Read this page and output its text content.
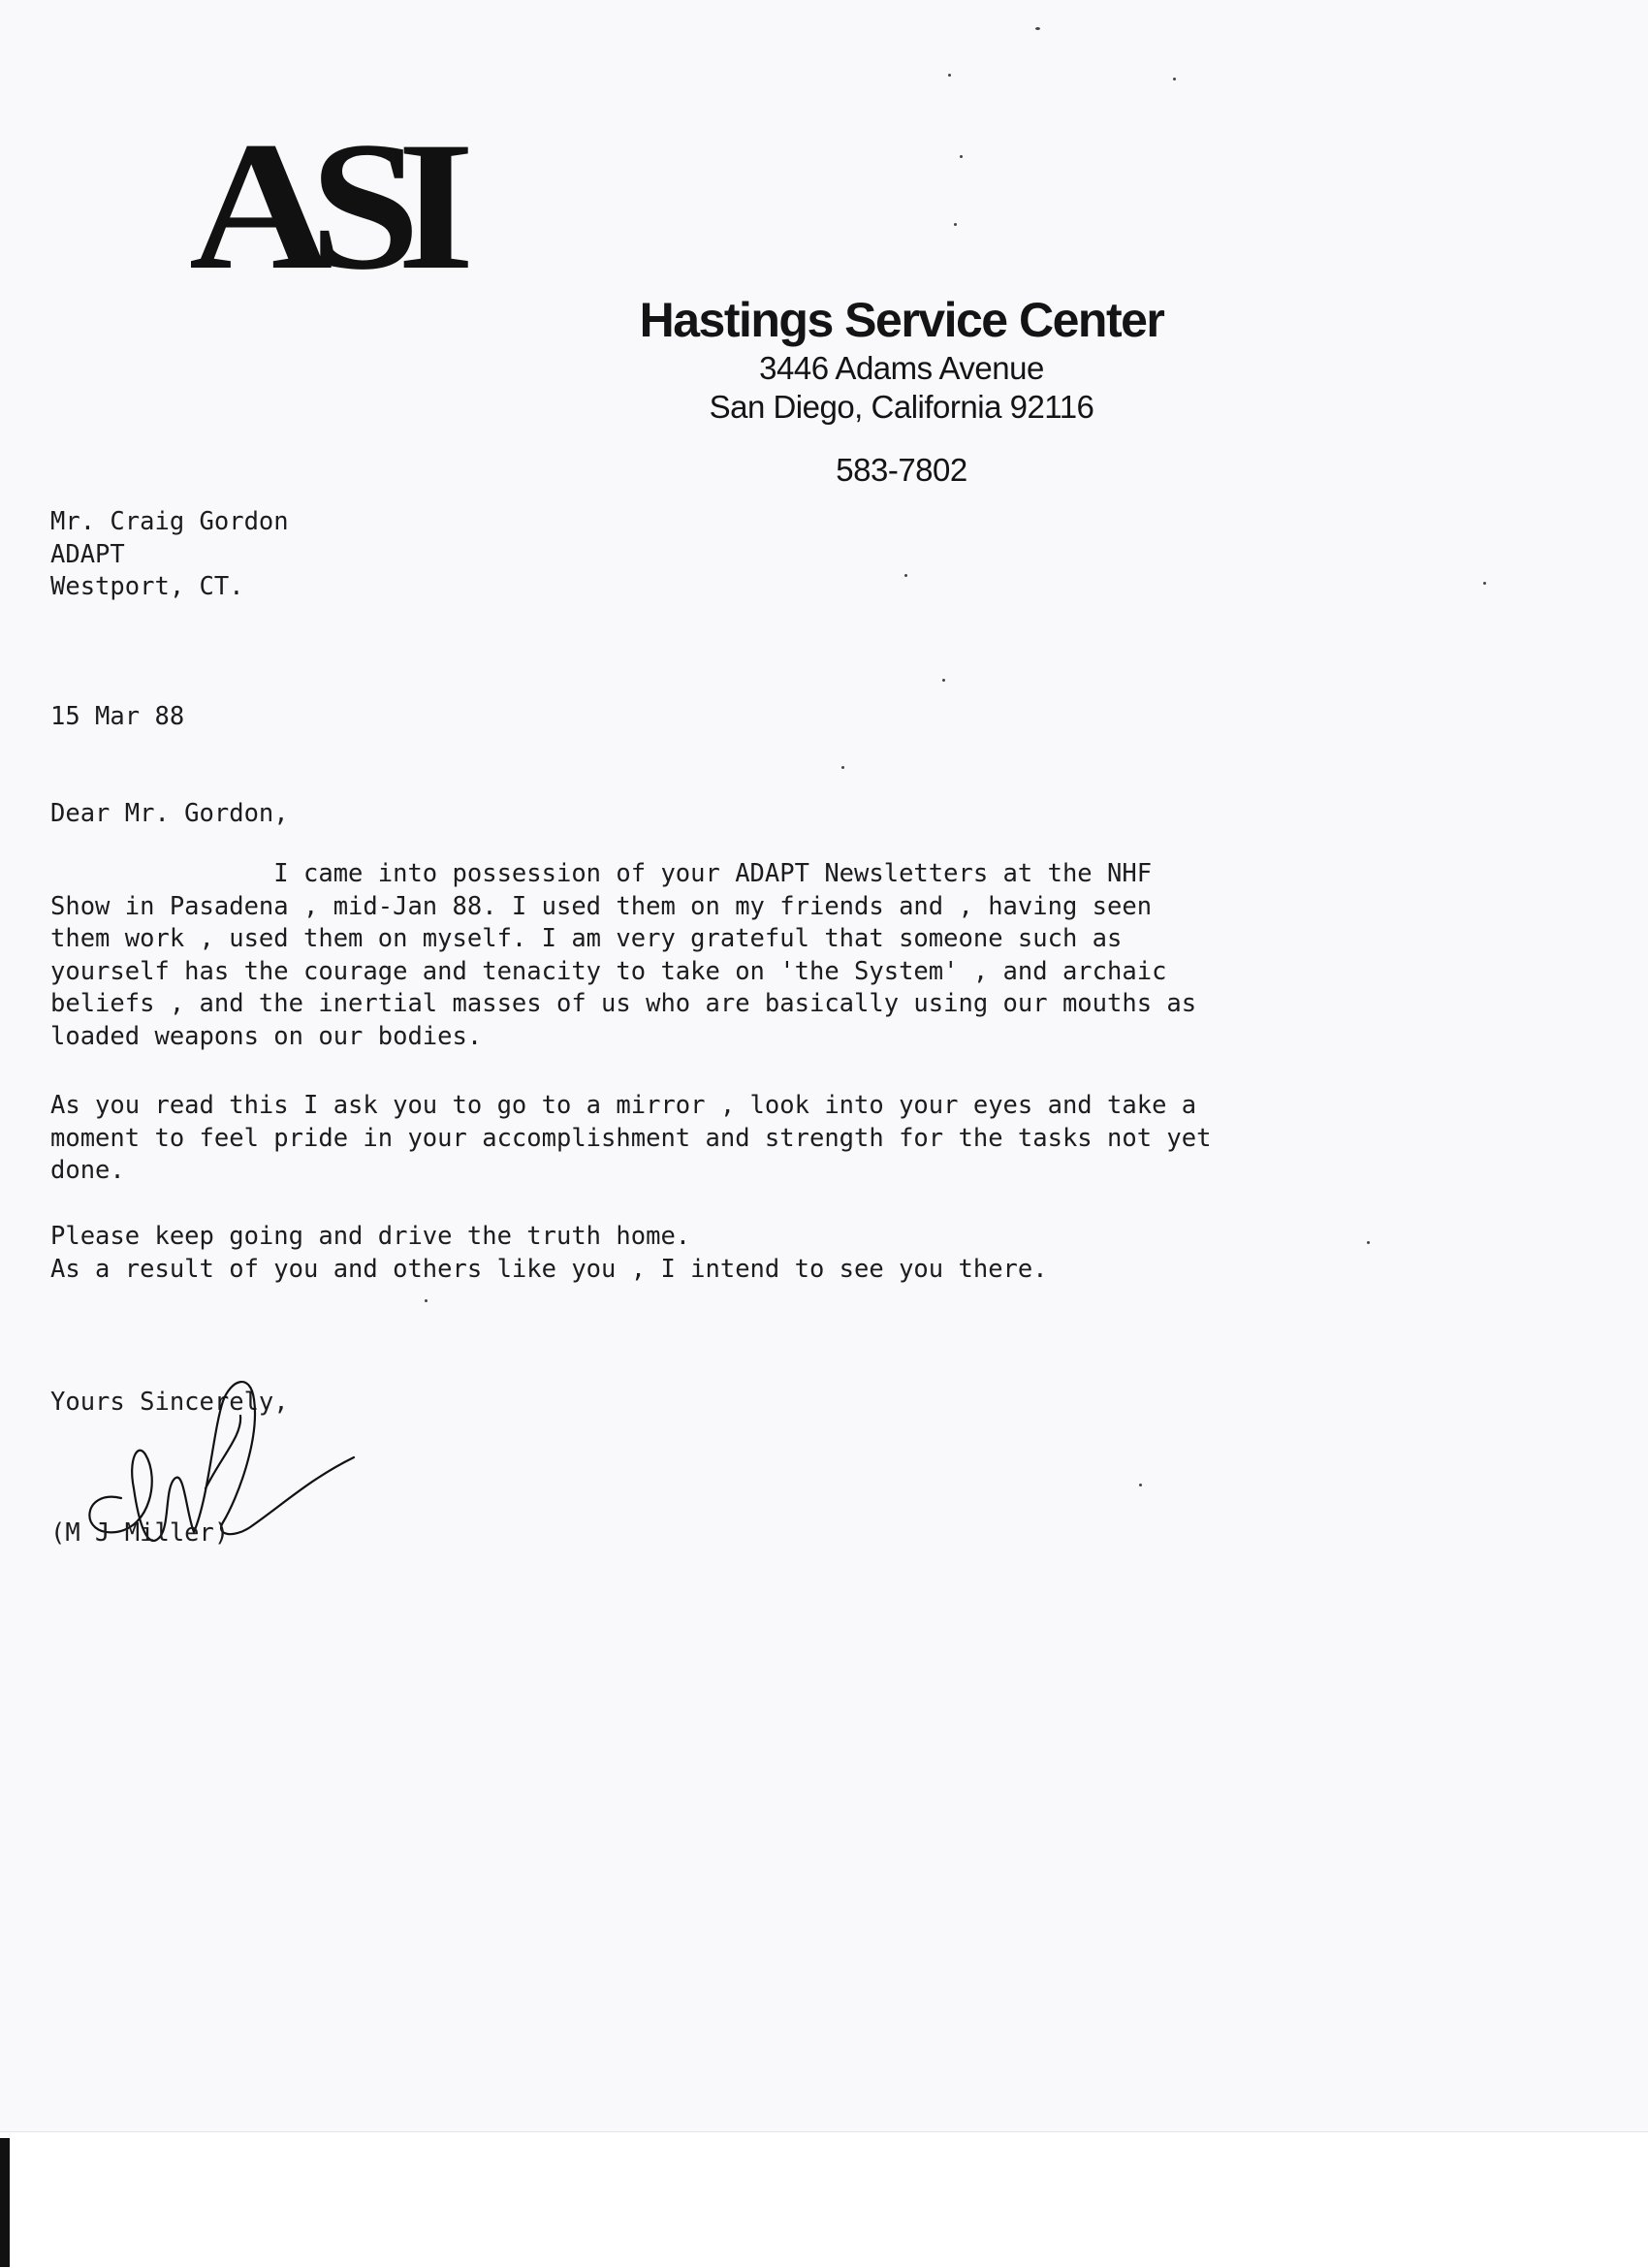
ASI
Hastings Service Center
3446 Adams Avenue
San Diego, California 92116
583-7802
Mr. Craig Gordon
ADAPT
Westport, CT.
15 Mar 88
Dear Mr. Gordon,
I came into possession of your ADAPT Newsletters at the NHF
Show in Pasadena , mid-Jan 88. I used them on my friends and , having seen
them work , used them on myself. I am very grateful that someone such as
yourself has the courage and tenacity to take on 'the System' , and archaic
beliefs , and the inertial masses of us who are basically using our mouths as
loaded weapons on our bodies.
As you read this I ask you to go to a mirror , look into your eyes and take a
moment to feel pride in your accomplishment and strength for the tasks not yet
done.
Please keep going and drive the truth home.
As a result of you and others like you , I intend to see you there.
Yours Sincerely,
(M J Miller)
